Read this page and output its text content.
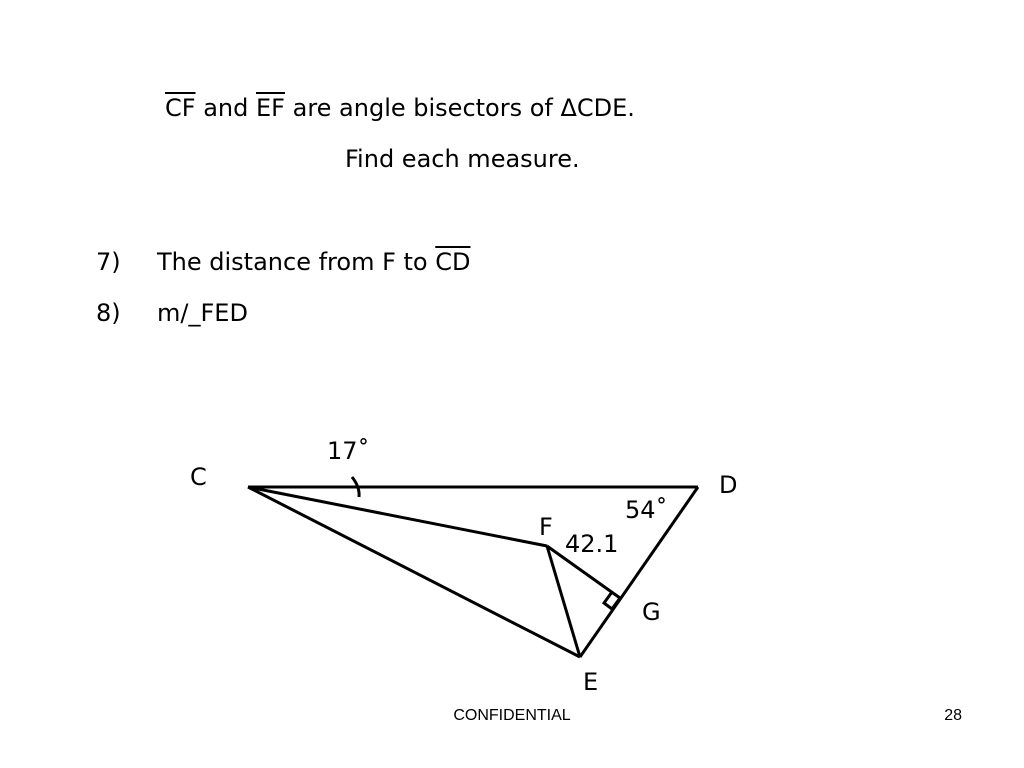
$\overline{CF}$ and $\overline{EF}$ are angle bisectors of ΔCDE.
Find each measure.
7) The distance from F to $\overline{CD}$
8) m/_FED
C	D
F
G
E
17˚
54˚
42.1
CONFIDENTIAL	28
